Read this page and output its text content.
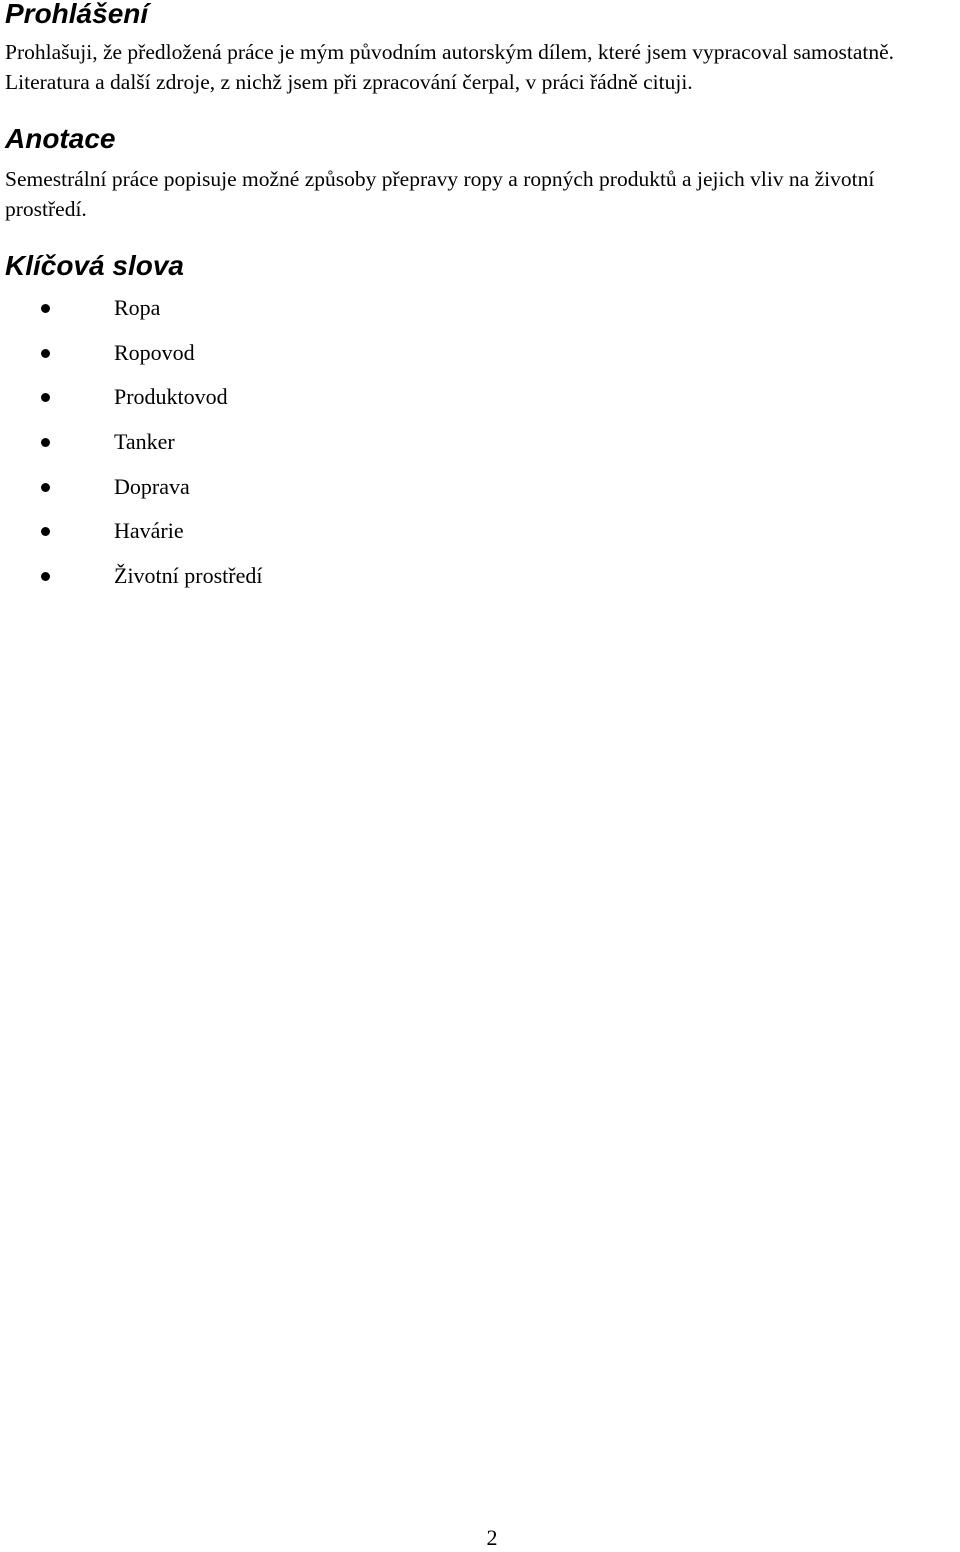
Prohlášení

Prohlašuji, že předložená práce je mým původním autorským dílem, které jsem vypracoval samostatně. Literatura a další zdroje, z nichž jsem při zpracování čerpal, v práci řádně cituji.

Anotace

Semestrální práce popisuje možné způsoby přepravy ropy a ropných produktů a jejich vliv na životní prostředí.

Klíčová slova
Ropa
Ropovod
Produktovod
Tanker
Doprava
Havárie
Životní prostředí
2
